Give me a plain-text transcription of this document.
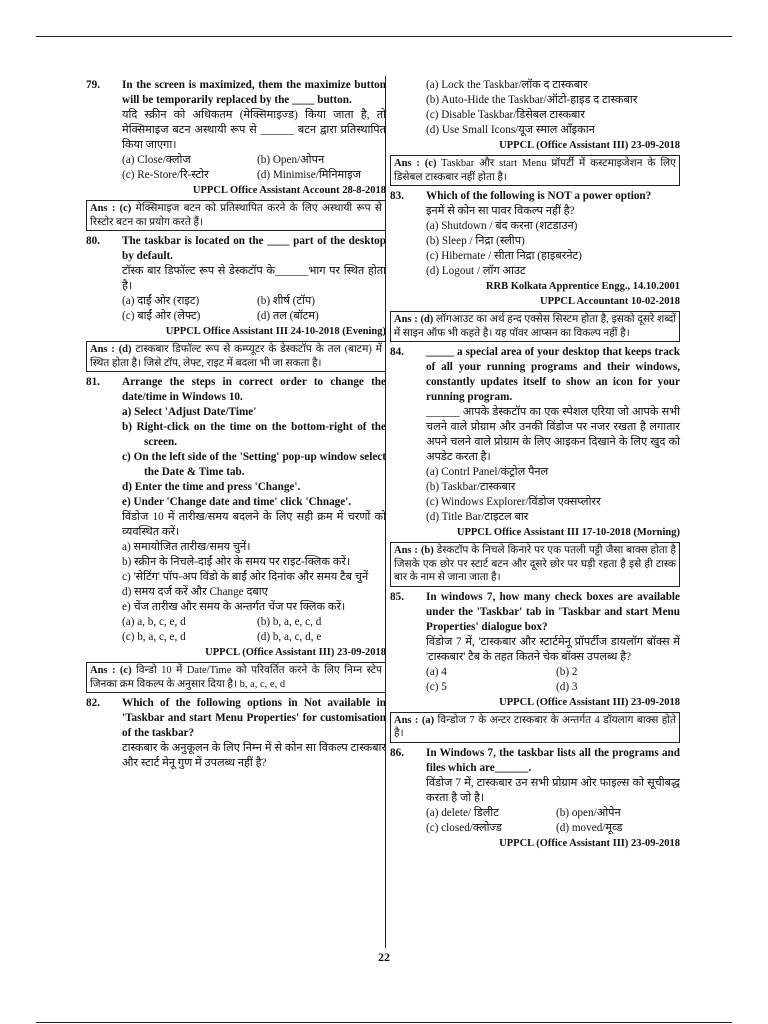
79. In the screen is maximized, them the maximize button will be temporarily replaced by the ____ button.
यदि स्क्रीन को अधिकतम (मेक्सिमाइज्ड) किया जाता है, तो मेक्सिमाइज बटन अस्थायी रूप से ______ बटन द्वारा प्रतिस्थापित किया जाएगा।
(a) Close/क्लोज	(b) Open/ओपन
(c) Re-Store/रि-स्टोर	(d) Minimise/मिनिमाइज
UPPCL Office Assistant Account 28-8-2018
Ans : (c) मेक्सिमाइज बटन को प्रतिस्थापित करने के लिए अस्थायी रूप से रिस्टोर बटन का प्रयोग करते हैं।
80. The taskbar is located on the ____ part of the desktop by default.
टॉस्क बार डिफॉल्ट रूप से डेस्कटॉप के______भाग पर स्थित होता है।
(a) दाईं ओर (राइट)	(b) शीर्ष (टॉप)
(c) बाईं ओर (लेफ्ट)	(d) तल (बॉटम)
UPPCL Office Assistant III 24-10-2018 (Evening)
Ans : (d) टास्कबार डिफॉल्ट रूप से कम्प्यूटर के डेस्कटॉप के तल (बाटम) में स्थित होता है। जिसे टॉप, लेफ्ट, राइट में बदला भी जा सकता है।
81. Arrange the steps in correct order to change the date/time in Windows 10.
a) Select 'Adjust Date/Time'
b) Right-click on the time on the bottom-right of the screen.
c) On the left side of the 'Setting' pop-up window select the Date & Time tab.
d) Enter the time and press 'Change'.
e) Under 'Change date and time' click 'Chnage'.
विंडोज 10 में तारीख/समय बदलने के लिए सही क्रम में चरणों को व्यवस्थित करें।
a) समायोजित तारीख/समय चुनें।
b) स्क्रीन के निचले-दाईं ओर के समय पर राइट-क्लिक करें।
c) 'सेटिंग' पॉप-अप विंडो के बाईं ओर दिनांक और समय टैब चुनें
d) समय दर्ज करें और Change दबाए
e) चेंज तारीख और समय के अन्तर्गत चेंज पर क्लिक करें।
(a) a, b, c, e, d	(b) b, a, e, c, d
(c) b, a, c, e, d	(d) b, a, c, d, e
UPPCL (Office Assistant III) 23-09-2018
Ans : (c) विन्डो 10 में Date/Time को परिवर्तित करने के लिए निम्न स्टेप जिनका क्रम विकल्प के अनुसार दिया है। b, a, c, e, d
82. Which of the following options in Not available in 'Taskbar and start Menu Properties' for customisation of the taskbar?
टास्कबार के अनुकूलन के लिए निम्न में से कोन सा विकल्प टास्कबार और स्टार्ट मेनू गुण में उपलब्ध नहीं है?
(a) Lock the Taskbar/लॉक द टास्कबार
(b) Auto-Hide the Taskbar/ऑटो-हाइड द टास्कबार
(c) Disable Taskbar/डिसेबल टास्कबार
(d) Use Small Icons/यूज स्माल आँइकान
UPPCL (Office Assistant III) 23-09-2018
Ans : (c) Taskbar और start Menu प्रॉपर्टी में कस्टमाइजेशन के लिए डिसेबल टास्कबार नहीं होता है।
83. Which of the following is NOT a power option?
इनमें से कोन सा पावर विकल्प नहीं है?
(a) Shutdown / बंद करना (शटडाउन)
(b) Sleep / निद्रा (स्लीप)
(c) Hibernate / सीता निद्रा (हाइबरनेट)
(d) Logout / लॉग आउट
RRB Kolkata Apprentice Engg., 14.10.2001
UPPCL Accountant 10-02-2018
Ans : (d) लॉगआउट का अर्थ हन्द एक्सेस सिस्टम होता है, इसको दूसरे शब्दों में साइन ऑफ भी कहते है। यह पॉवर आप्सन का विकल्प नहीं है।
84. _____ a special area of your desktop that keeps track of all your running programs and their windows, constantly updates itself to show an icon for your running program.
______ आपके डेस्कटॉप का एक स्पेशल एरिया जो आपके सभी चलने वाले प्रोग्राम और उनकी विंडोज पर नजर रखता है लगातार अपने चलने वाले प्रोग्राम के लिए आइकन दिखाने के लिए खुद को अपडेट करता है।
(a) Contrl Panel/कंट्रोल पैनल
(b) Taskbar/टास्कबार
(c) Windows Explorer/विंडोज एक्सप्लोरर
(d) Title Bar/टाइटल बार
UPPCL Office Assistant III 17-10-2018 (Morning)
Ans : (b) डेस्कटॉप के निचले किनारे पर एक पतली पट्टी जैसा बाक्स होता है जिसके एक छोर पर स्टार्ट बटन और दूसरे छोर पर घड़ी रहता है इसे ही टास्क बार के नाम से जाना जाता है।
85. In windows 7, how many check boxes are available under the 'Taskbar' tab in 'Taskbar and start Menu Properties' dialogue box?
विंडोज 7 में, 'टास्कबार और स्टार्टमेनू प्रॉपर्टीज डायलॉग बॉक्स में 'टास्कबार' टैब के तहत कितने चेक बॉक्स उपलब्ध है?
(a) 4	(b) 2
(c) 5	(d) 3
UPPCL (Office Assistant III) 23-09-2018
Ans : (a) विन्डोज 7 के अन्टर टास्कबार के अन्तर्गत 4 डॉयलाग बाक्स होते है।
86. In Windows 7, the taskbar lists all the programs and files which are______.
विंडोज 7 में, टास्कबार उन सभी प्रोग्राम ओर फाइल्स को सूचीबद्ध करता है जो है।
(a) delete/ डिलीट	(b) open/ओपेन
(c) closed/क्लोज्ड	(d) moved/मूव्ड
UPPCL (Office Assistant III) 23-09-2018
22
